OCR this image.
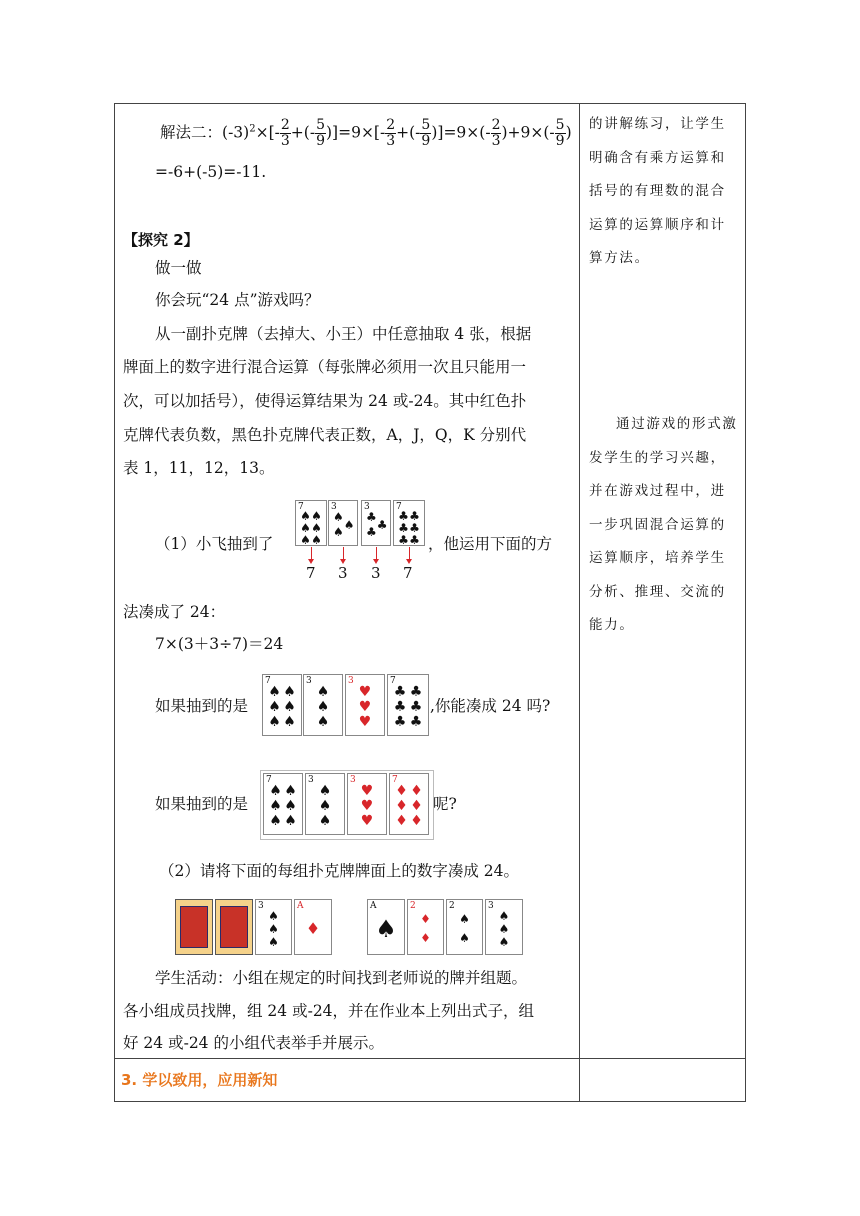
解法二：$(-3)^2\times[- \frac{2}{3}$ +(- $\frac{5}{9} )]=9\times[- \frac{2}{3}$ +(- $\frac{5}{9} )]=9\times(- \frac{2}{3} )+9\times(- \frac{5}{9}$ )
=-6+(-5)=-11.
【探究 2】
做一做
你会玩“24 点”游戏吗？
从一副扑克牌（去掉大、小王）中任意抽取 4 张，根据
牌面上的数字进行混合运算（每张牌必须用一次且只能用一
次，可以加括号），使得运算结果为 24 或-24。其中红色扑
克牌代表负数，黑色扑克牌代表正数，A，J，Q，K 分别代
表 1，11，12，13。
（1）小飞抽到了
7
♠ ♠
♠ ♠
♠ ♠
3
♠
♠
♠
3
♣
♣
♣
7
♣ ♣
♣ ♣
♣ ♣
7 3 3 7
，他运用下面的方
法凑成了 24：
7×(3＋3÷7)＝24
如果抽到的是
7
♠ ♠
♠ ♠
♠ ♠
3
♠
♠
♠
3
♥
♥
♥
7
♣ ♣
♣ ♣
♣ ♣
,你能凑成 24 吗?
如果抽到的是
7
♠ ♠
♠ ♠
♠ ♠
3
♠
♠
♠
3
♥
♥
♥
7
♦ ♦
♦ ♦
♦ ♦
呢?
（2）请将下面的每组扑克牌牌面上的数字凑成 24。
3
♠
♠
♠
A
♦
A
♠
2
♦
♦
2
♠
♠
3
♠
♠
♠
学生活动：小组在规定的时间找到老师说的牌并组题。
各小组成员找牌，组 24 或-24，并在作业本上列出式子，组
好 24 或-24 的小组代表举手并展示。
的讲解练习，让学生明确含有乘方运算和括号的有理数的混合运算的运算顺序和计算方法。
通过游戏的形式激发学生的学习兴趣，并在游戏过程中，进一步巩固混合运算的运算顺序，培养学生分析、推理、交流的能力。
3. 学以致用，应用新知
